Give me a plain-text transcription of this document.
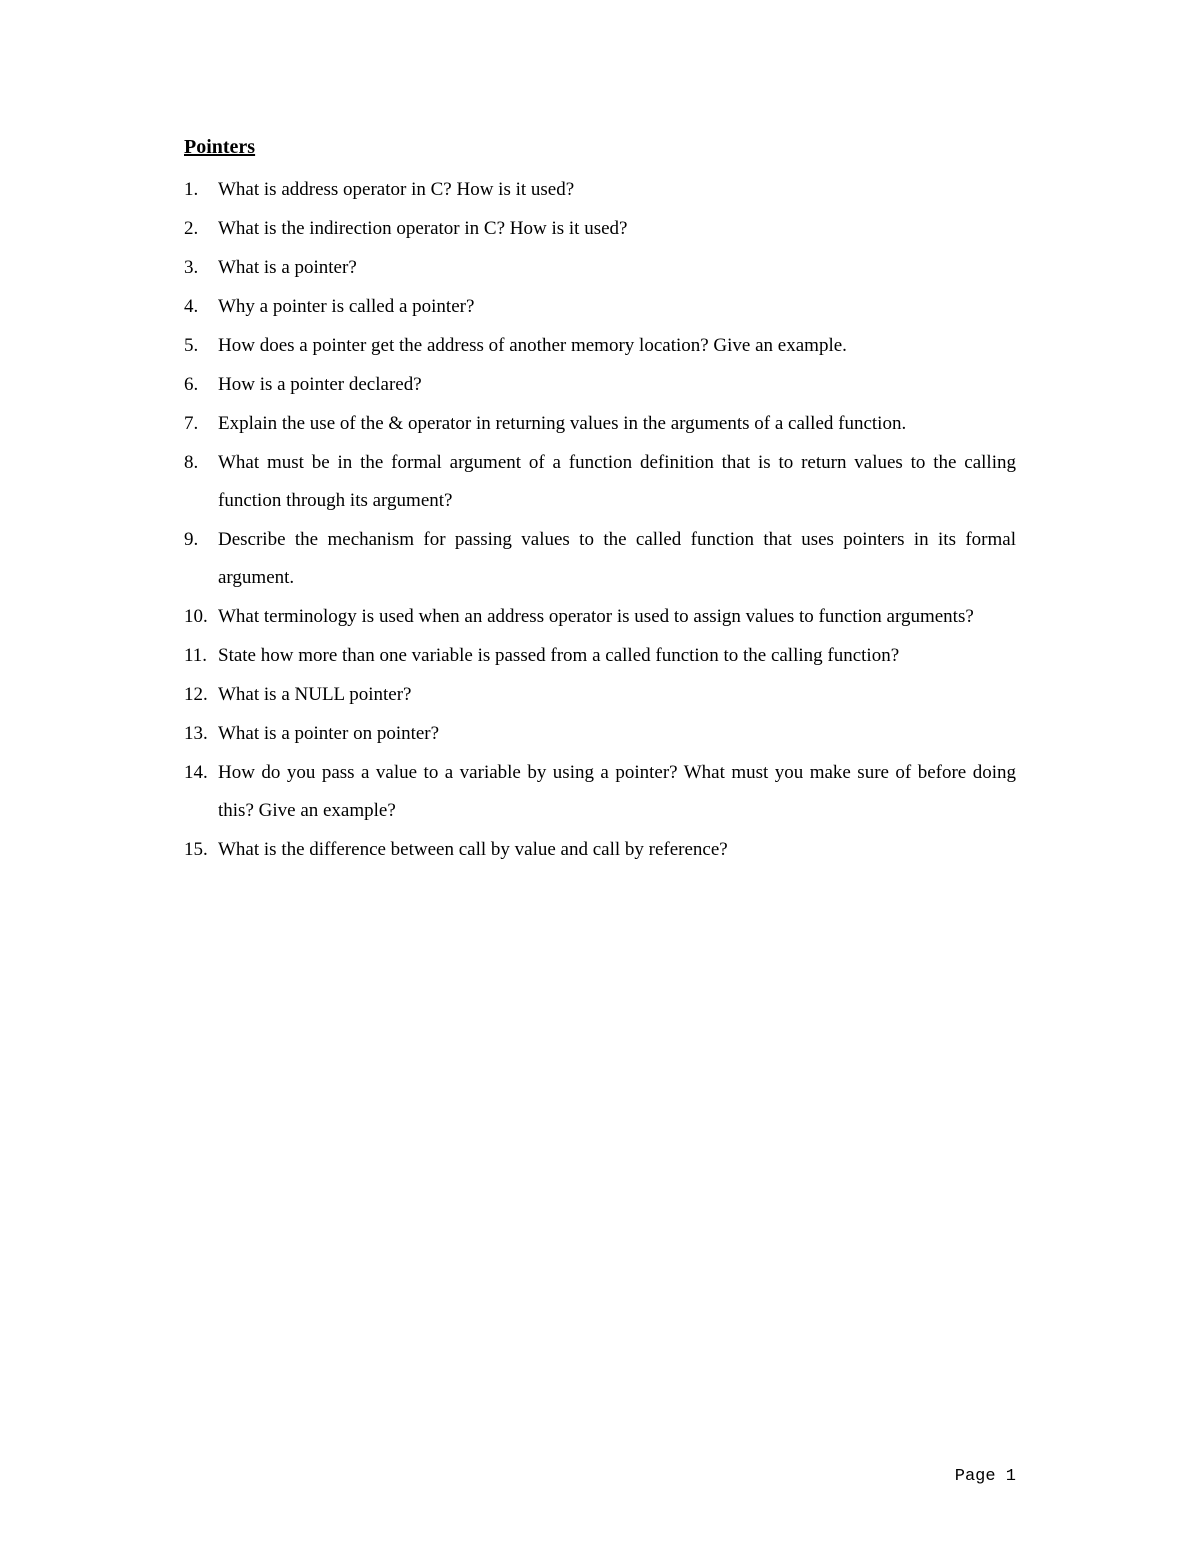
Pointers
1.	What is address operator in C? How is it used?
2.	What is the indirection operator in C? How is it used?
3.	What is a pointer?
4.	Why a pointer is called a pointer?
5.	How does a pointer get the address of another memory location? Give an example.
6.	How is a pointer declared?
7.	Explain the use of the & operator in returning values in the arguments of a called function.
8.	What must be in the formal argument of a function definition that is to return values to the calling function through its argument?
9.	Describe the mechanism for passing values to the called function that uses pointers in its formal argument.
10. What terminology is used when an address operator is used to assign values to function arguments?
11. State how more than one variable is passed from a called function to the calling function?
12. What is a NULL pointer?
13. What is a pointer on pointer?
14. How do you pass a value to a variable by using a pointer? What must you make sure of before doing this? Give an example?
15. What is the difference between call by value and call by reference?
Page 1
